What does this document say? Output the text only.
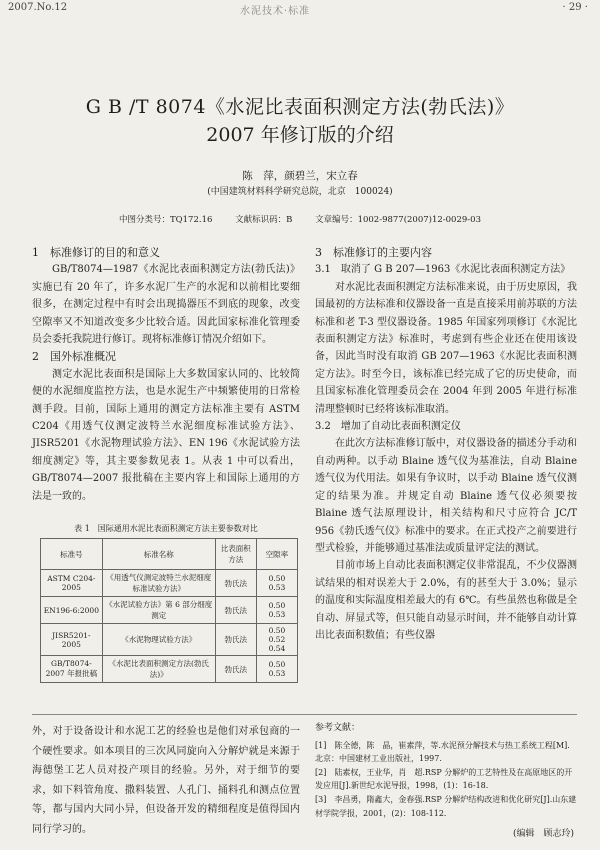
2007.No.12	水泥技术·标准	· 29 ·
G B /T 8074《水泥比表面积测定方法(勃氏法)》
2007 年修订版的介绍
陈　萍，颜碧兰，宋立春
(中国建筑材料科学研究总院，北京　100024)
中图分类号：TQ172.16	文献标识码：B	文章编号：1002-9877(2007)12-0029-03

1　标准修订的目的和意义

GB/T8074—1987《水泥比表面积测定方法(勃氏法)》实施已有 20 年了，许多水泥厂生产的水泥和以前相比要细很多，在测定过程中有时会出现捣器压不到底的现象，改变空隙率又不知道改变多少比较合适。因此国家标准化管理委员会委托我院进行修订。现将标准修订情况介绍如下。

2　国外标准概况

测定水泥比表面积是国际上大多数国家认同的、比较简便的水泥细度监控方法，也是水泥生产中频繁使用的日常检测手段。目前，国际上通用的测定方法标准主要有 ASTM C204《用透气仪测定波特兰水泥细度标准试验方法》、JISR5201《水泥物理试验方法》、EN 196《水泥试验方法　细度测定》等，其主要参数见表 1。从表 1 中可以看出，GB/T8074—2007 报批稿在主要内容上和国际上通用的方法是一致的。

表 1　国际通用水泥比表面积测定方法主要参数对比
标准号	标准名称	比表面积方法	空隙率
ASTM C204-2005	《用透气仪测定波特兰水泥细度标准试验方法》	勃氏法	0.50
0.53
EN196-6:2000	《水泥试验方法》第 6 部分细度测定	勃氏法	0.50
0.53
JISR5201-2005	《水泥物理试验方法》	勃氏法	0.50
0.52
0.54
GB/T8074-
2007 年报批稿	《水泥比表面积测定方法(勃氏法)》	勃氏法	0.50
0.53

3　标准修订的主要内容

3.1　取消了 G B 207—1963《水泥比表面积测定方法》

对水泥比表面积测定方法标准来说，由于历史原因，我国最初的方法标准和仪器设备一直是直接采用前苏联的方法标准和老 T-3 型仪器设备。1985 年国家列项修订《水泥比表面积测定方法》标准时，考虑到有些企业还在使用该设备，因此当时没有取消 GB 207—1963《水泥比表面积测定方法》。时至今日，该标准已经完成了它的历史使命，而且国家标准化管理委员会在 2004 年到 2005 年进行标准清理整顿时已经将该标准取消。

3.2　增加了自动比表面积测定仪

在此次方法标准修订版中，对仪器设备的描述分手动和自动两种。以手动 Blaine 透气仪为基准法，自动 Blaine 透气仪为代用法。如果有争议时，以手动 Blaine 透气仪测定的结果为准。并规定自动 Blaine 透气仪必须要按 Blaine 透气法原理设计，相关结构和尺寸应符合 JC/T 956《勃氏透气仪》标准中的要求。在正式投产之前要进行型式检验，并能够通过基准法或质量评定法的测试。

目前市场上自动比表面积测定仪非常混乱，不少仪器测试结果的相对误差大于 2.0%，有的甚至大于 3.0%；显示的温度和实际温度相差最大的有 6℃。有些虽然也称做是全自动、屏显式等，但只能自动显示时间，并不能够自动计算出比表面积数值；有些仪器

外，对于设备设计和水泥工艺的经验也是他们对承包商的一个硬性要求。如本项目的三次风同旋向入分解炉就是来源于海德堡工艺人员对投产项目的经验。另外，对于细节的要求，如下料管角度、撒料装置、人孔门、捅料孔和测点位置等，都与国内大同小异，但设备开发的精细程度是值得国内同行学习的。
参考文献：

[1]　陈全德，陈　晶，崔素萍，等.水泥预分解技术与热工系统工程[M].北京：中国建材工业出版社，1997.

[2]　陆素权，王业华，肖　超.RSP 分解炉的工艺特性及在高原地区的开发应用[J].新世纪水泥导报，1998，(1)：16-18.

[3]　李昌勇，隋鑫大，金春强.RSP 分解炉结构改进和优化研究[J].山东建材学院学报，2001，(2)：108-112.

(编辑　顾志玲)
